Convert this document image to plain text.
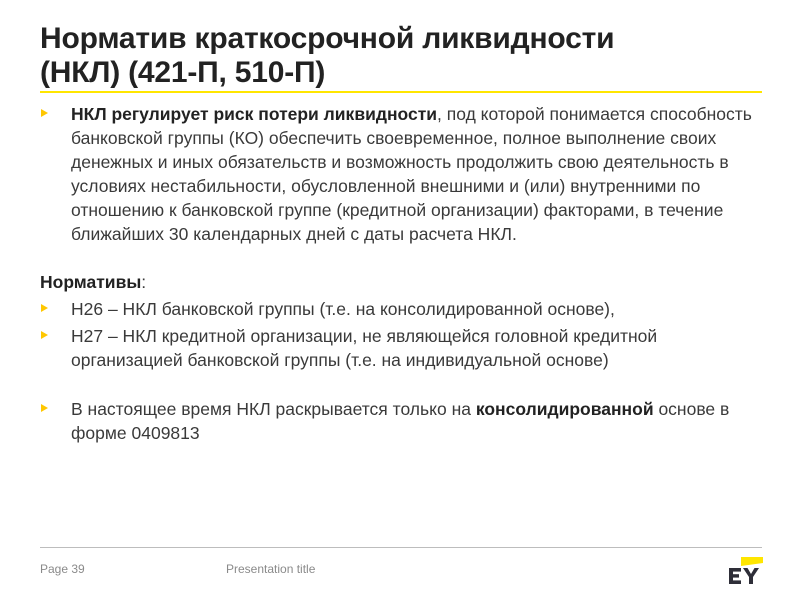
Норматив краткосрочной ликвидности
(НКЛ) (421-П, 510-П)
НКЛ регулирует риск потери ликвидности, под которой понимается способность банковской группы (КО) обеспечить своевременное, полное выполнение своих денежных и иных обязательств и возможность продолжить свою деятельность в условиях нестабильности, обусловленной внешними и (или) внутренними по отношению к банковской группе (кредитной организации) факторами, в течение ближайших 30 календарных дней с даты расчета НКЛ.
Нормативы:
Н26 – НКЛ банковской группы (т.е. на консолидированной основе),
Н27 – НКЛ кредитной организации, не являющейся головной кредитной организацией банковской группы (т.е. на индивидуальной основе)
В настоящее время НКЛ раскрывается только на консолидированной основе в форме 0409813
Page 39	Presentation title
